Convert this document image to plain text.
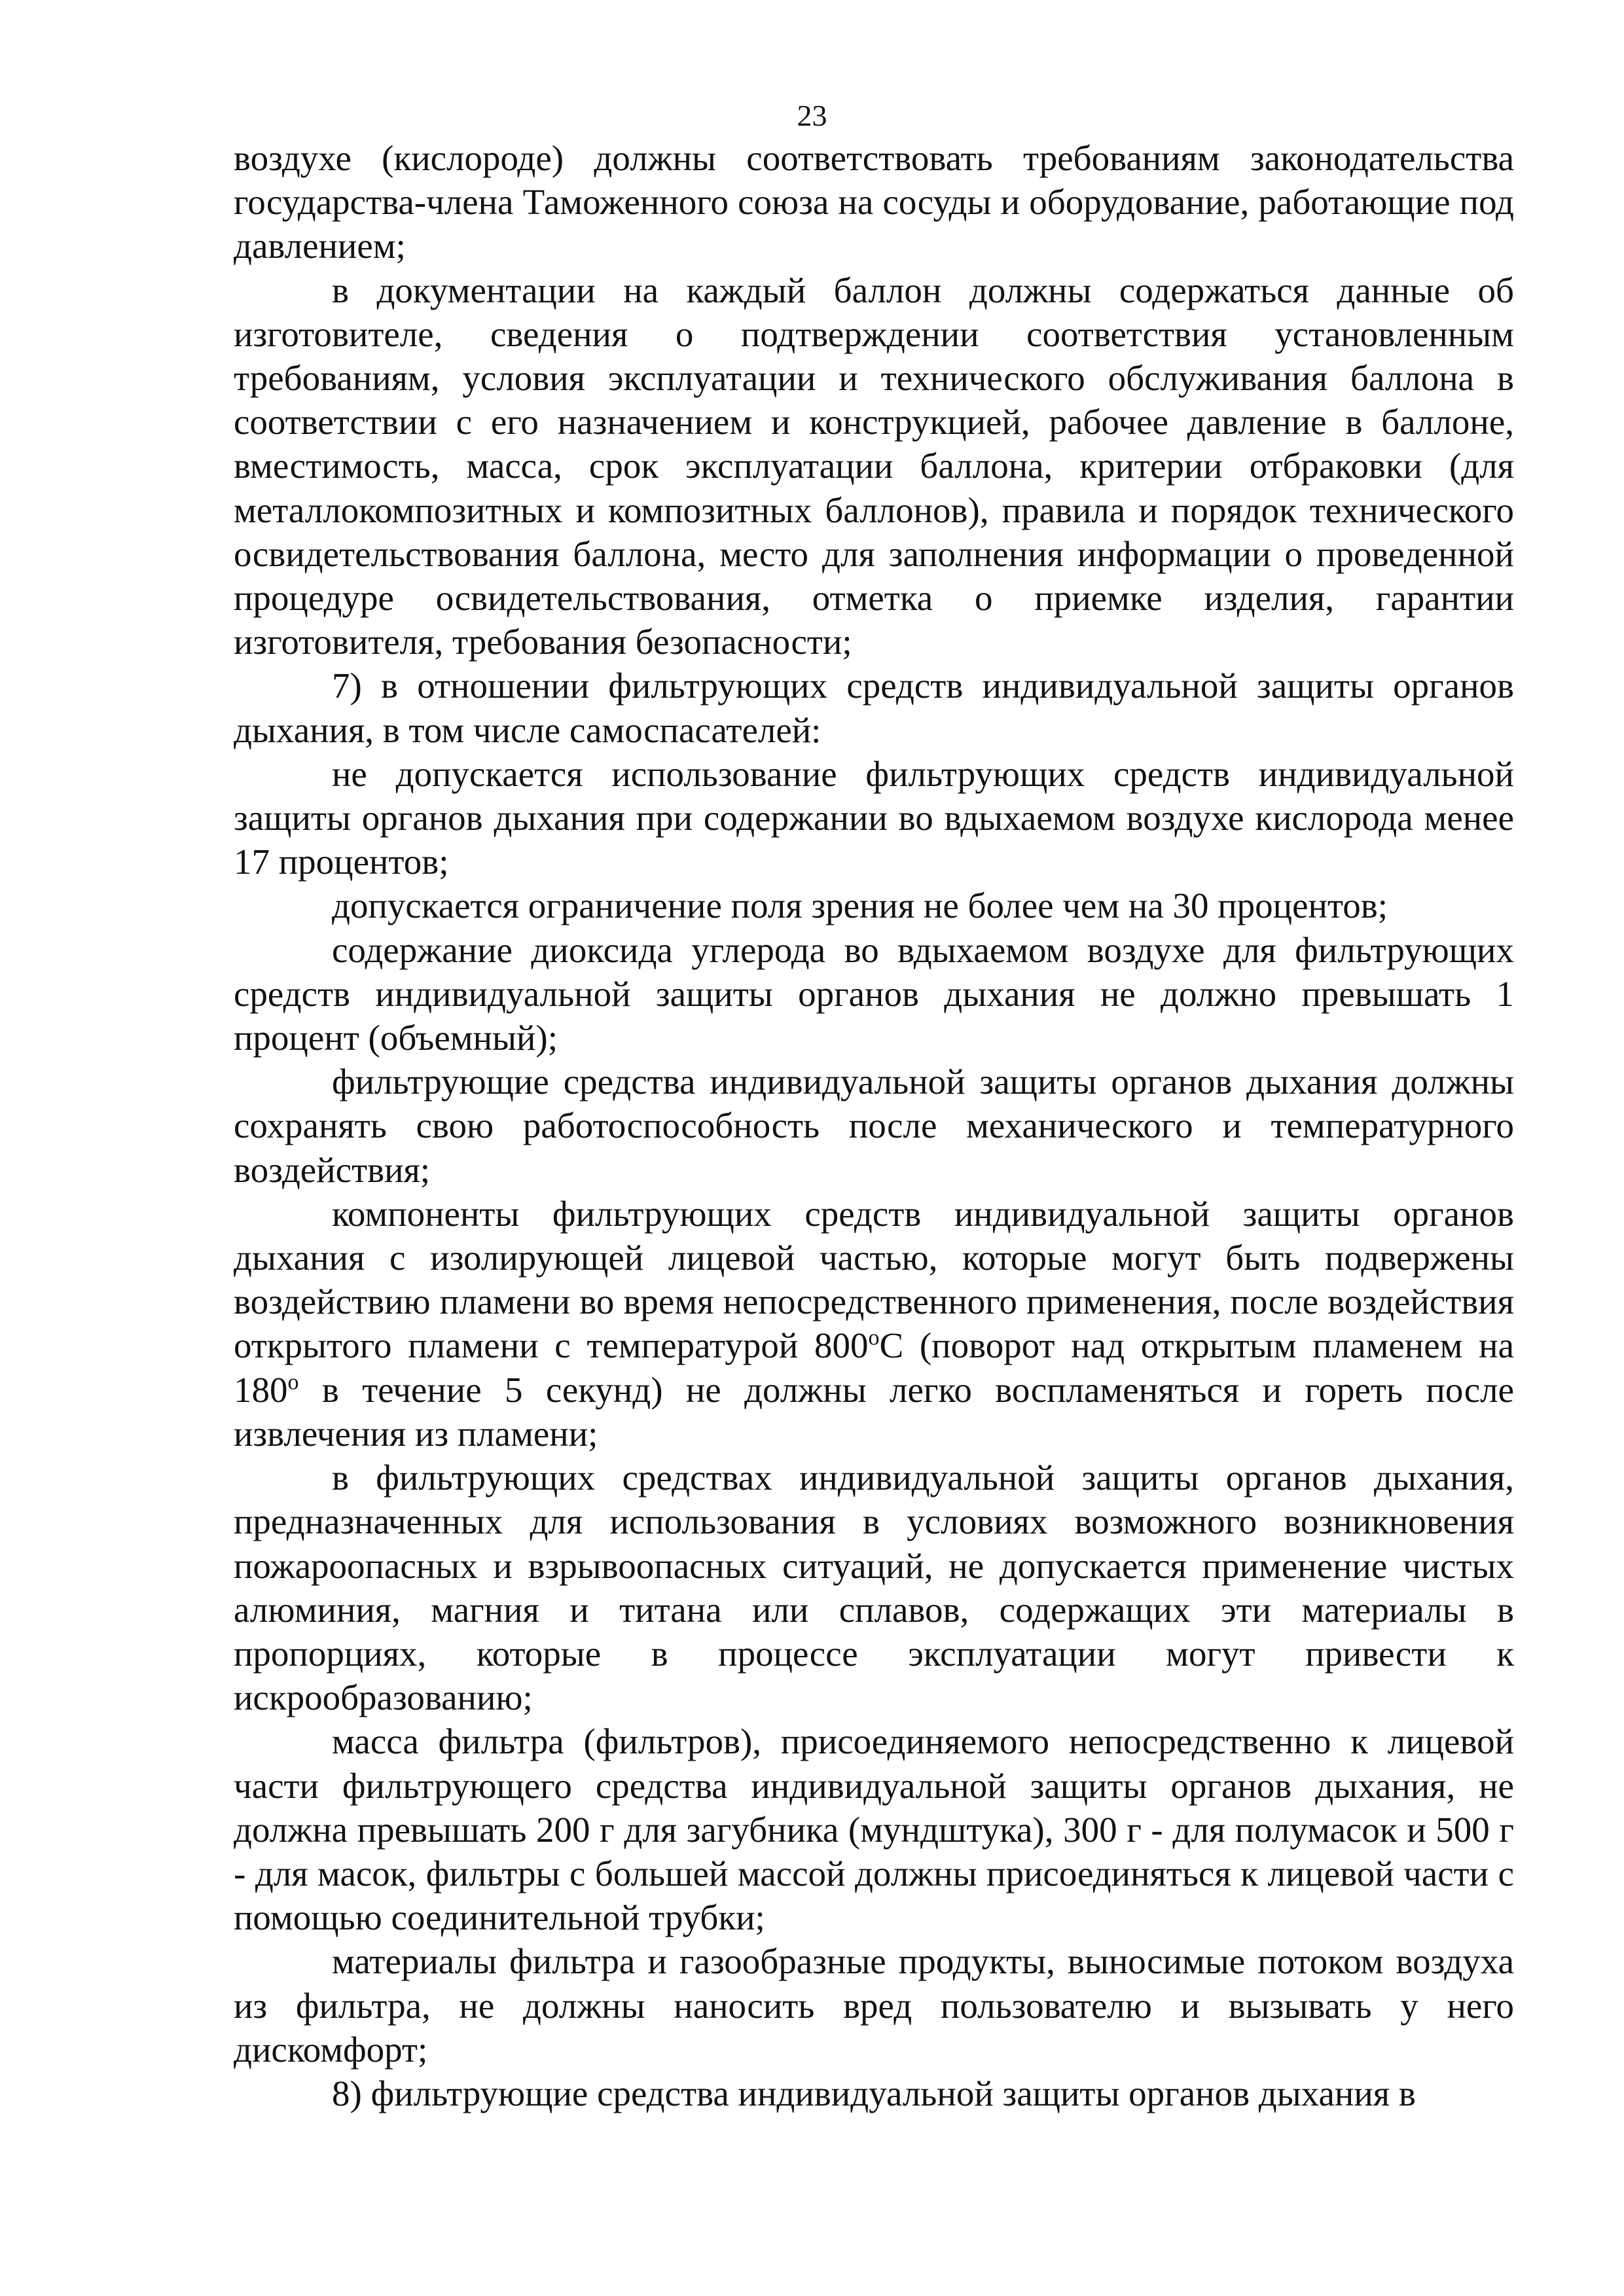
23

воздухе (кислороде) должны соответствовать требованиям законодательства государства-члена Таможенного союза на сосуды и оборудование, работающие под давлением;

в документации на каждый баллон должны содержаться данные об изготовителе, сведения о подтверждении соответствия установленным требованиям, условия эксплуатации и технического обслуживания баллона в соответствии с его назначением и конструкцией, рабочее давление в баллоне, вместимость, масса, срок эксплуатации баллона, критерии отбраковки (для металлокомпозитных и композитных баллонов), правила и порядок технического освидетельствования баллона, место для заполнения информации о проведенной процедуре освидетельствования, отметка о приемке изделия, гарантии изготовителя, требования безопасности;

7) в отношении фильтрующих средств индивидуальной защиты органов дыхания, в том числе самоспасателей:

не допускается использование фильтрующих средств индивидуальной защиты органов дыхания при содержании во вдыхаемом воздухе кислорода менее 17 процентов;

допускается ограничение поля зрения не более чем на 30 процентов;

содержание диоксида углерода во вдыхаемом воздухе для фильтрующих средств индивидуальной защиты органов дыхания не должно превышать 1 процент (объемный);

фильтрующие средства индивидуальной защиты органов дыхания должны сохранять свою работоспособность после механического и температурного воздействия;

компоненты фильтрующих средств индивидуальной защиты органов дыхания с изолирующей лицевой частью, которые могут быть подвержены воздействию пламени во время непосредственного применения, после воздействия открытого пламени с температурой $800^оС$ (поворот над открытым пламенем на $180^о$ в течение 5 секунд) не должны легко воспламеняться и гореть после извлечения из пламени;

в фильтрующих средствах индивидуальной защиты органов дыхания, предназначенных для использования в условиях возможного возникновения пожароопасных и взрывоопасных ситуаций, не допускается применение чистых алюминия, магния и титана или сплавов, содержащих эти материалы в пропорциях, которые в процессе эксплуатации могут привести к искрообразованию;

масса фильтра (фильтров), присоединяемого непосредственно к лицевой части фильтрующего средства индивидуальной защиты органов дыхания, не должна превышать 200 г для загубника (мундштука), 300 г - для полумасок и 500 г - для масок, фильтры с большей массой должны присоединяться к лицевой части с помощью соединительной трубки;

материалы фильтра и газообразные продукты, выносимые потоком воздуха из фильтра, не должны наносить вред пользователю и вызывать у него дискомфорт;

8) фильтрующие средства индивидуальной защиты органов дыхания в
